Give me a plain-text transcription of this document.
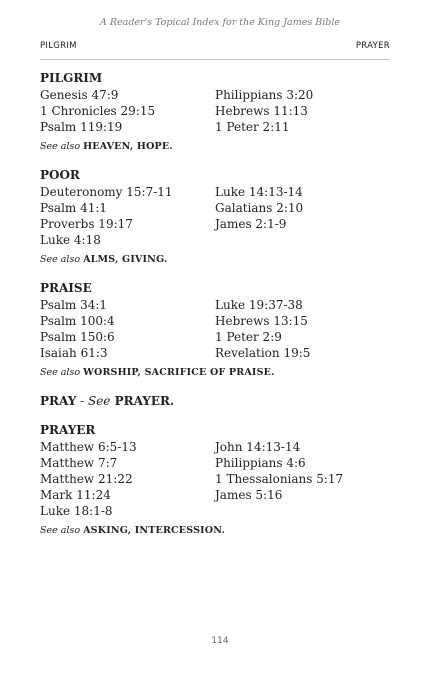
A Reader's Topical Index for the King James Bible
PILGRIM	PRAYER
PILGRIM
Genesis 47:9	Philippians 3:20
1 Chronicles 29:15	Hebrews 11:13
Psalm 119:19	1 Peter 2:11
See also HEAVEN, HOPE.
POOR
Deuteronomy 15:7-11	Luke 14:13-14
Psalm 41:1	Galatians 2:10
Proverbs 19:17	James 2:1-9
Luke 4:18
See also ALMS, GIVING.
PRAISE
Psalm 34:1	Luke 19:37-38
Psalm 100:4	Hebrews 13:15
Psalm 150:6	1 Peter 2:9
Isaiah 61:3	Revelation 19:5
See also WORSHIP, SACRIFICE OF PRAISE.
PRAY - See PRAYER.
PRAYER
Matthew 6:5-13	John 14:13-14
Matthew 7:7	Philippians 4:6
Matthew 21:22	1 Thessalonians 5:17
Mark 11:24	James 5:16
Luke 18:1-8
See also ASKING, INTERCESSION.
114
